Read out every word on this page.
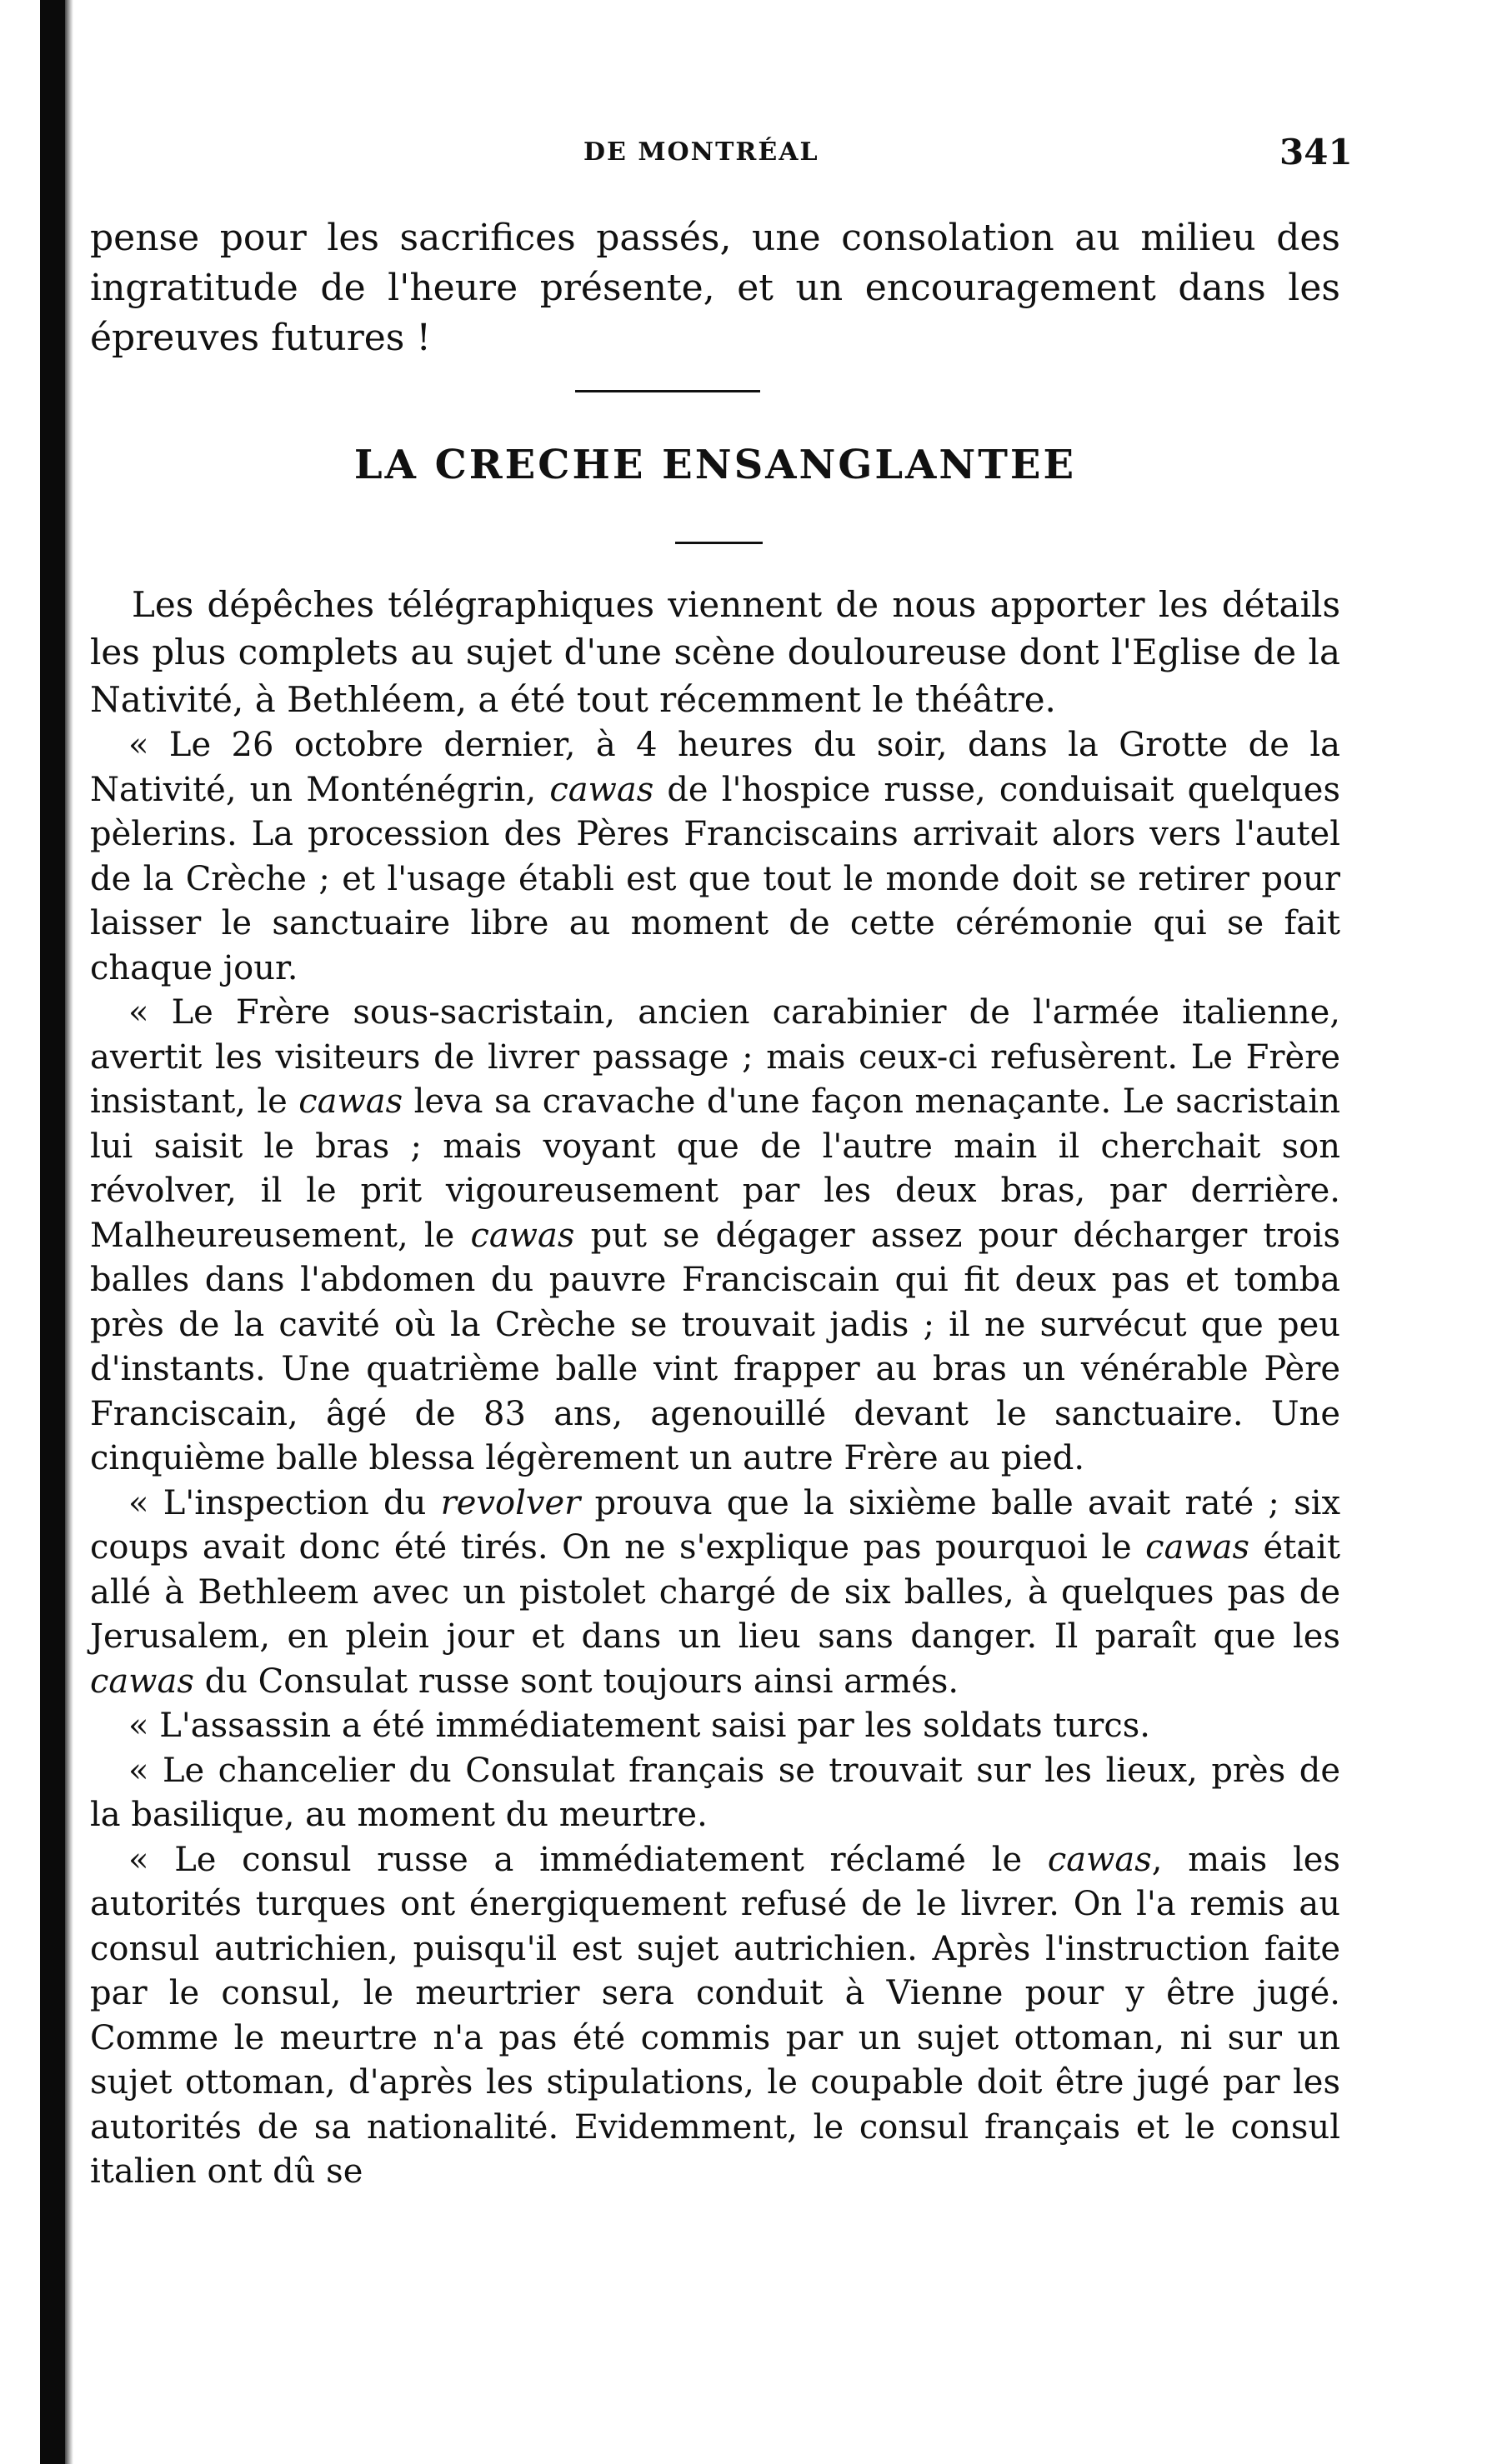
DE MONTRÉAL	341

pense pour les sacrifices passés, une consolation au milieu des ingratitude de l'heure présente, et un encouragement dans les épreuves futures !

LA CRECHE ENSANGLANTEE

Les dépêches télégraphiques viennent de nous apporter les détails les plus complets au sujet d'une scène douloureuse dont l'Eglise de la Nativité, à Bethléem, a été tout récemment le théâtre.

« Le 26 octobre dernier, à 4 heures du soir, dans la Grotte de la Nativité, un Monténégrin, cawas de l'hospice russe, conduisait quelques pèlerins. La procession des Pères Franciscains arrivait alors vers l'autel de la Crèche ; et l'usage établi est que tout le monde doit se retirer pour laisser le sanctuaire libre au moment de cette cérémonie qui se fait chaque jour.

« Le Frère sous-sacristain, ancien carabinier de l'armée italienne, avertit les visiteurs de livrer passage ; mais ceux-ci refusèrent. Le Frère insistant, le cawas leva sa cravache d'une façon menaçante. Le sacristain lui saisit le bras ; mais voyant que de l'autre main il cherchait son révolver, il le prit vigoureusement par les deux bras, par derrière. Malheureusement, le cawas put se dégager assez pour décharger trois balles dans l'abdomen du pauvre Franciscain qui fit deux pas et tomba près de la cavité où la Crèche se trouvait jadis ; il ne survécut que peu d'instants. Une quatrième balle vint frapper au bras un vénérable Père Franciscain, âgé de 83 ans, agenouillé devant le sanctuaire. Une cinquième balle blessa légèrement un autre Frère au pied.

« L'inspection du revolver prouva que la sixième balle avait raté ; six coups avait donc été tirés. On ne s'explique pas pourquoi le cawas était allé à Bethleem avec un pistolet chargé de six balles, à quelques pas de Jerusalem, en plein jour et dans un lieu sans danger. Il paraît que les cawas du Consulat russe sont toujours ainsi armés.

« L'assassin a été immédiatement saisi par les soldats turcs.

« Le chancelier du Consulat français se trouvait sur les lieux, près de la basilique, au moment du meurtre.

« Le consul russe a immédiatement réclamé le cawas, mais les autorités turques ont énergiquement refusé de le livrer. On l'a remis au consul autrichien, puisqu'il est sujet autrichien. Après l'instruction faite par le consul, le meurtrier sera conduit à Vienne pour y être jugé. Comme le meurtre n'a pas été commis par un sujet ottoman, ni sur un sujet ottoman, d'après les stipulations, le coupable doit être jugé par les autorités de sa nationalité. Evidemment, le consul français et le consul italien ont dû se
